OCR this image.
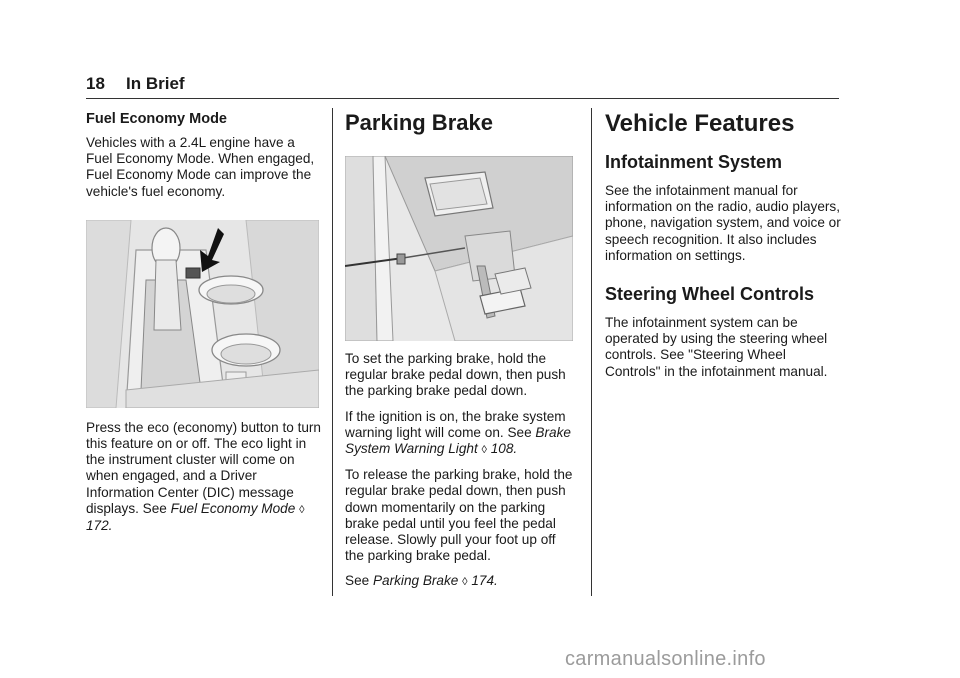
18 In Brief
Fuel Economy Mode

Vehicles with a 2.4L engine have a Fuel Economy Mode. When engaged, Fuel Economy Mode can improve the vehicle's fuel economy.

Press the eco (economy) button to turn this feature on or off. The eco light in the instrument cluster will come on when engaged, and a Driver Information Center (DIC) message displays. See Fuel Economy Mode ◊ 172.

Parking Brake

To set the parking brake, hold the regular brake pedal down, then push the parking brake pedal down.

If the ignition is on, the brake system warning light will come on. See Brake System Warning Light ◊ 108.

To release the parking brake, hold the regular brake pedal down, then push down momentarily on the parking brake pedal until you feel the pedal release. Slowly pull your foot up off the parking brake pedal.

See Parking Brake ◊ 174.

Vehicle Features
Infotainment System

See the infotainment manual for information on the radio, audio players, phone, navigation system, and voice or speech recognition. It also includes information on settings.

Steering Wheel Controls

The infotainment system can be operated by using the steering wheel controls. See "Steering Wheel Controls" in the infotainment manual.

carmanualsonline.info
